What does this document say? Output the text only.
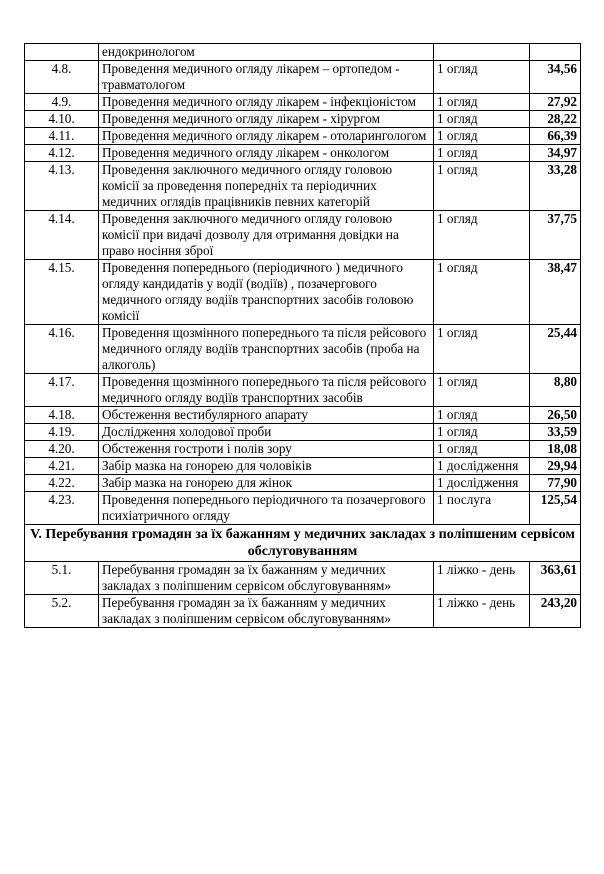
	ендокринологом		
4.8.	Проведення медичного огляду лікарем – ортопедом - травматологом	1 огляд	34,56
4.9.	Проведення медичного огляду лікарем - інфекціоністом	1 огляд	27,92
4.10.	Проведення медичного огляду лікарем - хірургом	1 огляд	28,22
4.11.	Проведення медичного огляду лікарем - отоларингологом	1 огляд	66,39
4.12.	Проведення медичного огляду лікарем - онкологом	1 огляд	34,97
4.13.	Проведення заключного медичного огляду головою комісії за проведення попередніх та періодичних медичних оглядів працівників певних категорій	1 огляд	33,28
4.14.	Проведення заключного медичного огляду головою комісії при видачі дозволу для отримання довідки на право носіння зброї	1 огляд	37,75
4.15.	Проведення попереднього (періодичного ) медичного огляду кандидатів у водії (водіїв) , позачергового медичного огляду водіїв транспортних засобів головою комісії	1 огляд	38,47
4.16.	Проведення щозмінного попереднього та після рейсового медичного огляду водіїв транспортних засобів (проба на алкоголь)	1 огляд	25,44
4.17.	Проведення щозмінного попереднього та після рейсового медичного огляду водіїв транспортних засобів	1 огляд	8,80
4.18.	Обстеження вестибулярного апарату	1 огляд	26,50
4.19.	Дослідження холодової проби	1 огляд	33,59
4.20.	Обстеження гостроти і полів зору	1 огляд	18,08
4.21.	Забір мазка на гонорею для чоловіків	1 дослідження	29,94
4.22.	Забір мазка на гонорею для жінок	1 дослідження	77,90
4.23.	Проведення попереднього періодичного та позачергового психіатричного огляду	1 послуга	125,54
V. Перебування громадян за їх бажанням у медичних закладах з поліпшеним сервісом обслуговуванням			
5.1.	Перебування громадян за їх бажанням у медичних закладах з поліпшеним сервісом обслуговуванням»	1 ліжко - день	363,61
5.2.	Перебування громадян за їх бажанням у медичних закладах з поліпшеним сервісом обслуговуванням»	1 ліжко - день	243,20
